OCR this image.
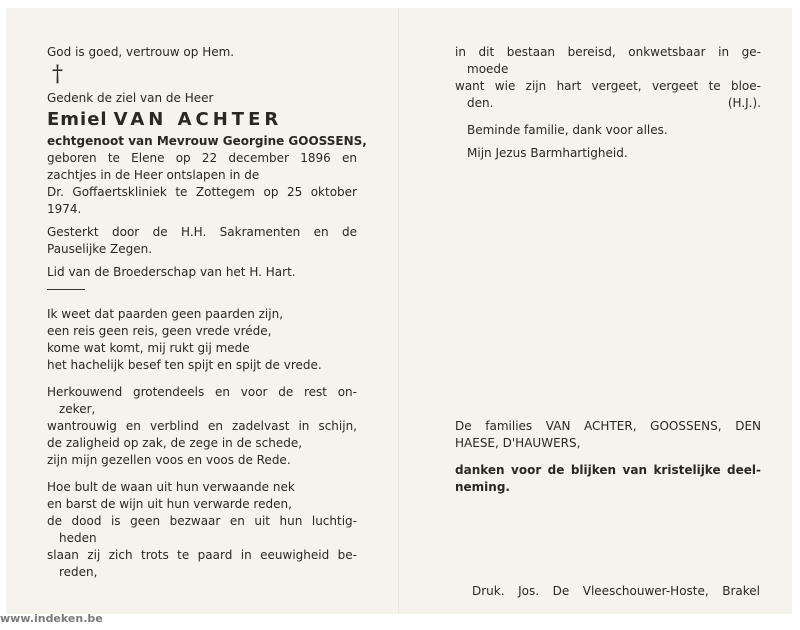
God is goed, vertrouw op Hem.
†
Gedenk de ziel van de Heer
Emiel VAN ACHTER
echtgenoot van Mevrouw Georgine GOOSSENS,
geboren te Elene op 22 december 1896 en
zachtjes in de Heer ontslapen in de
Dr. Goffaertskliniek te Zottegem op 25 oktober
1974.
Gesterkt door de H.H. Sakramenten en de
Pauselijke Zegen.
Lid van de Broederschap van het H. Hart.
Ik weet dat paarden geen paarden zijn,
een reis geen reis, geen vrede vréde,
kome wat komt, mij rukt gij mede
het hachelijk besef ten spijt en spijt de vrede.
Herkouwend grotendeels en voor de rest on-
zeker,
wantrouwig en verblind en zadelvast in schijn,
de zaligheid op zak, de zege in de schede,
zijn mijn gezellen voos en voos de Rede.
Hoe bult de waan uit hun verwaande nek
en barst de wijn uit hun verwarde reden,
de dood is geen bezwaar en uit hun luchtig-
heden
slaan zij zich trots te paard in eeuwigheid be-
reden,
in dit bestaan bereisd, onkwetsbaar in ge-
moede
want wie zijn hart vergeet, vergeet te bloe-
den.	(H.J.).
Beminde familie, dank voor alles.
Mijn Jezus Barmhartigheid.
De families VAN ACHTER, GOOSSENS, DEN
HAESE, D'HAUWERS,
danken voor de blijken van kristelijke deel-
neming.
Druk. Jos. De Vleeschouwer-Hoste, Brakel
www.indeken.be
